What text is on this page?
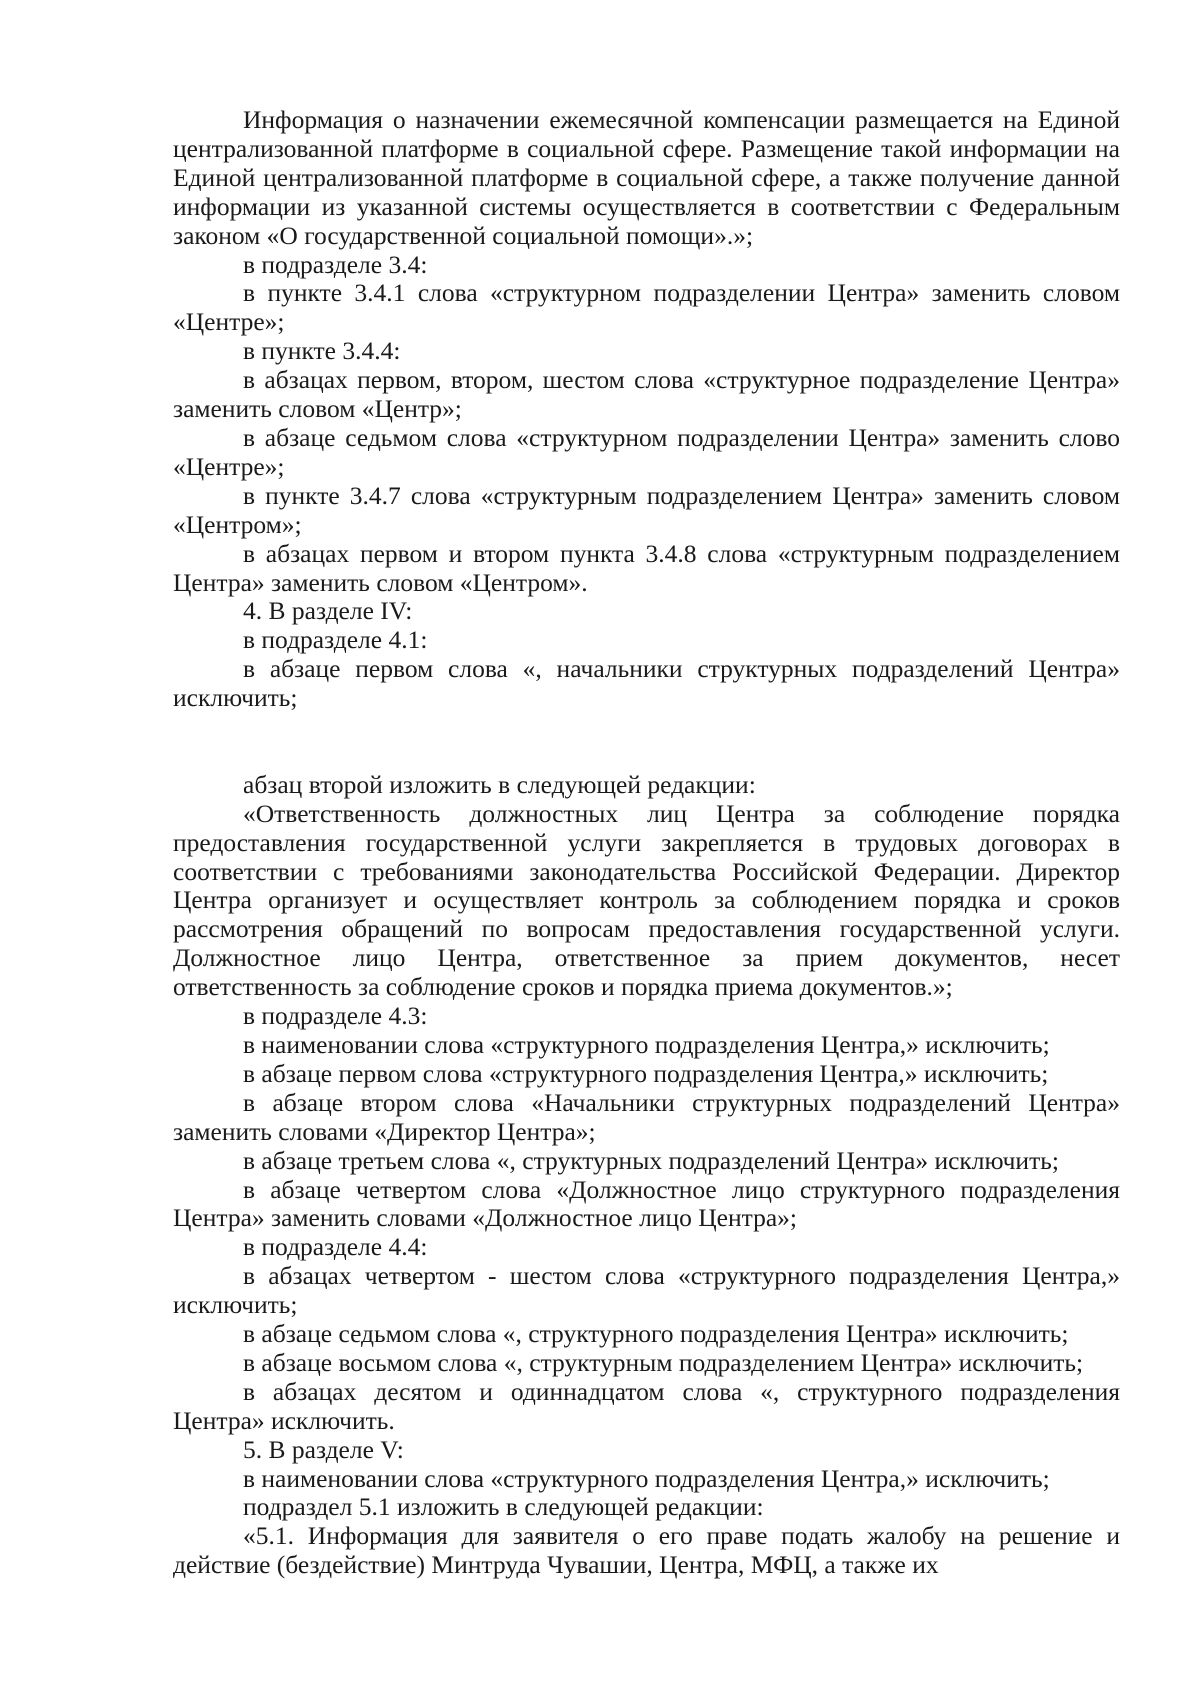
Информация о назначении ежемесячной компенсации размещается на Единой централизованной платформе в социальной сфере. Размещение такой информации на Единой централизованной платформе в социальной сфере, а также получение данной информации из указанной системы осуществляется в соответствии с Федеральным законом «О государственной социальной помощи».»;

в подразделе 3.4:

в пункте 3.4.1 слова «структурном подразделении Центра» заменить словом «Центре»;

в пункте 3.4.4:

в абзацах первом, втором, шестом слова «структурное подразделение Центра» заменить словом «Центр»;

в абзаце седьмом слова «структурном подразделении Центра» заменить слово «Центре»;

в пункте 3.4.7 слова «структурным подразделением Центра» заменить словом «Центром»;

в абзацах первом и втором пункта 3.4.8 слова «структурным подразделением Центра» заменить словом «Центром».

4. В разделе IV:

в подразделе 4.1:

в абзаце первом слова «, начальники структурных подразделений Центра» исключить;

абзац второй изложить в следующей редакции:

«Ответственность должностных лиц Центра за соблюдение порядка предоставления государственной услуги закрепляется в трудовых договорах в соответствии с требованиями законодательства Российской Федерации. Директор Центра организует и осуществляет контроль за соблюдением порядка и сроков рассмотрения обращений по вопросам предоставления государственной услуги. Должностное лицо Центра, ответственное за прием документов, несет ответственность за соблюдение сроков и порядка приема документов.»;

в подразделе 4.3:

в наименовании слова «структурного подразделения Центра,» исключить;

в абзаце первом слова «структурного подразделения Центра,» исключить;

в абзаце втором слова «Начальники структурных подразделений Центра» заменить словами «Директор Центра»;

в абзаце третьем слова «, структурных подразделений Центра» исключить;

в абзаце четвертом слова «Должностное лицо структурного подразделения Центра» заменить словами «Должностное лицо Центра»;

в подразделе 4.4:

в абзацах четвертом - шестом слова «структурного подразделения Центра,» исключить;

в абзаце седьмом слова «, структурного подразделения Центра» исключить;

в абзаце восьмом слова «, структурным подразделением Центра» исключить;

в абзацах десятом и одиннадцатом слова «, структурного подразделения Центра» исключить.

5. В разделе V:

в наименовании слова «структурного подразделения Центра,» исключить;

подраздел 5.1 изложить в следующей редакции:

«5.1. Информация для заявителя о его праве подать жалобу на решение и действие (бездействие) Минтруда Чувашии, Центра, МФЦ, а также их
